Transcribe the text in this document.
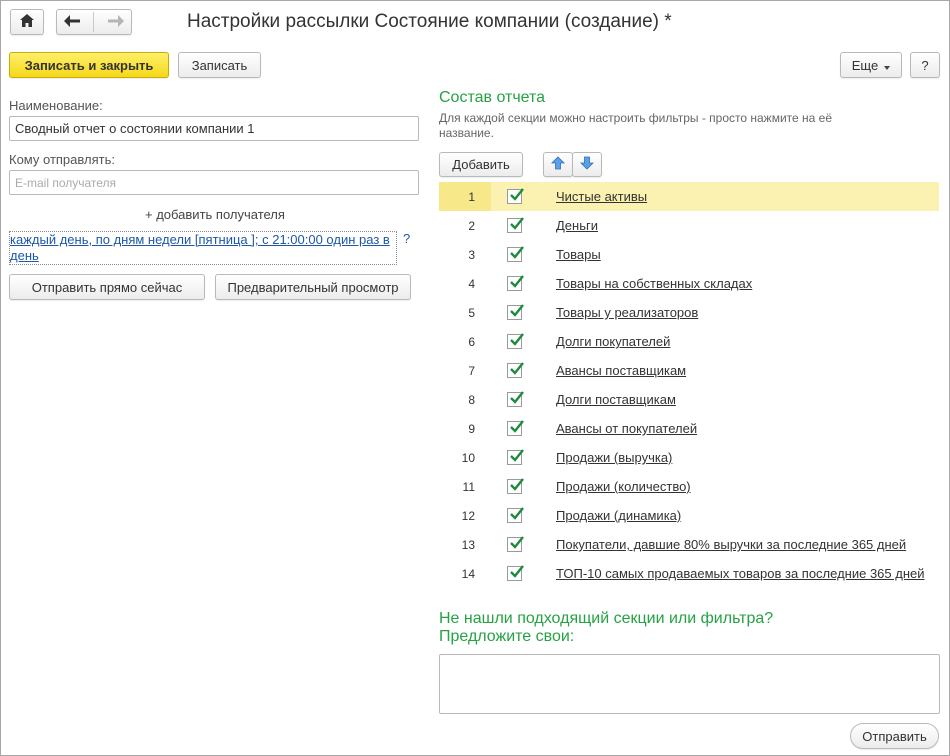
Настройки рассылки Состояние компании (создание) *
Записать и закрыть	Записать	Еще	?
Наименование:
Сводный отчет о состоянии компании 1
Кому отправлять:
E-mail получателя
+ добавить получателя
каждый день, по дням недели [пятница ]; с 21:00:00 один раз в день
?
Отправить прямо сейчас	Предварительный просмотр
Состав отчета
Для каждой секции можно настроить фильтры - просто нажмите на её название.
Добавить
1	Чистые активы
2	Деньги
3	Товары
4	Товары на собственных складах
5	Товары у реализаторов
6	Долги покупателей
7	Авансы поставщикам
8	Долги поставщикам
9	Авансы от покупателей
10	Продажи (выручка)
11	Продажи (количество)
12	Продажи (динамика)
13	Покупатели, давшие 80% выручки за последние 365 дней
14	ТОП-10 самых продаваемых товаров за последние 365 дней
Не нашли подходящий секции или фильтра?
Предложите свои:
Отправить
